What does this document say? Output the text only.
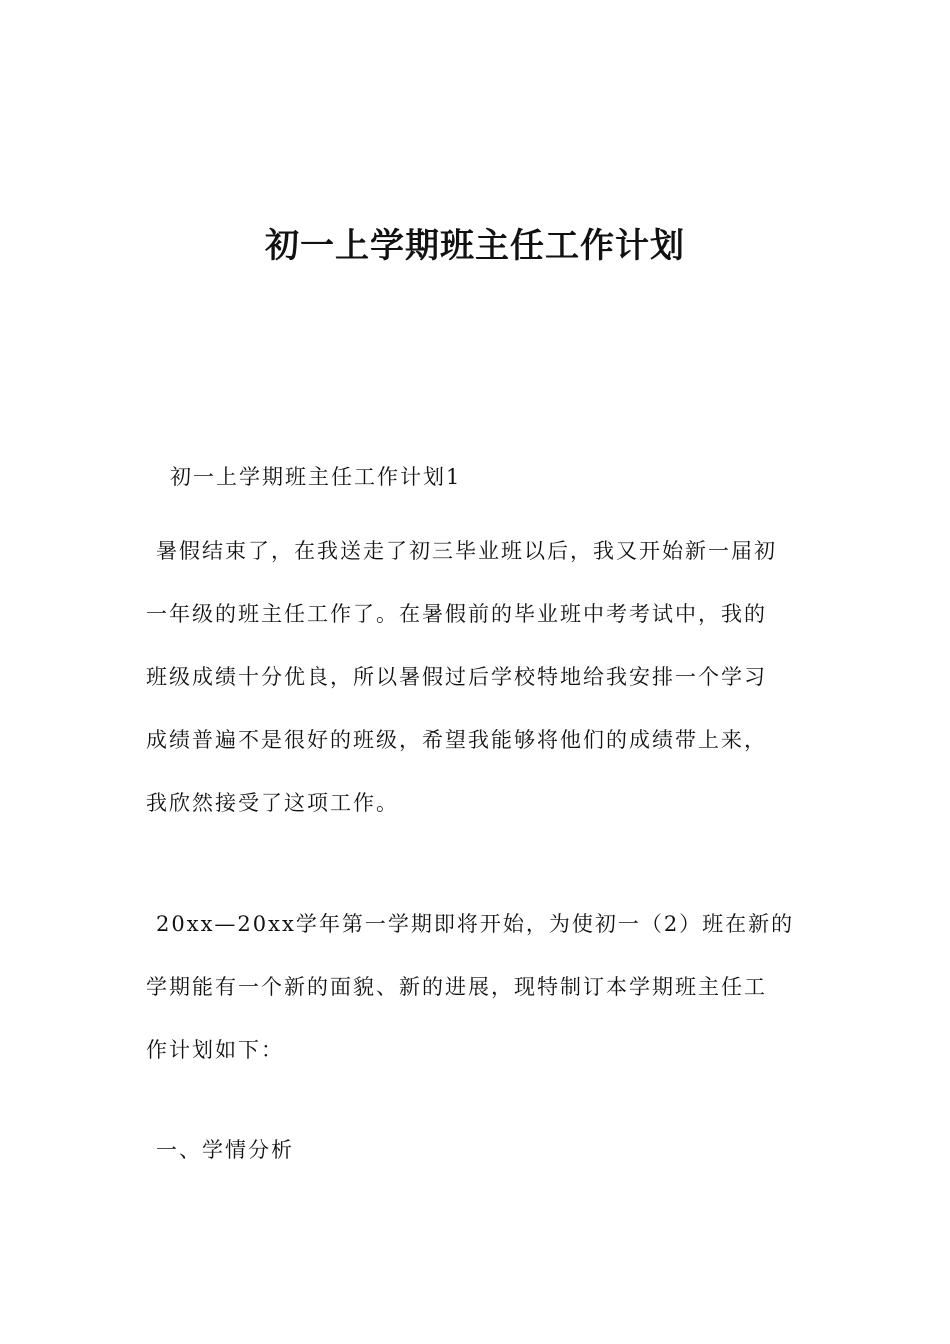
初一上学期班主任工作计划
初一上学期班主任工作计划1
暑假结束了，在我送走了初三毕业班以后，我又开始新一届初
一年级的班主任工作了。在暑假前的毕业班中考考试中，我的
班级成绩十分优良，所以暑假过后学校特地给我安排一个学习
成绩普遍不是很好的班级，希望我能够将他们的成绩带上来，
我欣然接受了这项工作。
20xx—20xx学年第一学期即将开始，为使初一（2）班在新的
学期能有一个新的面貌、新的进展，现特制订本学期班主任工
作计划如下：
一、学情分析
